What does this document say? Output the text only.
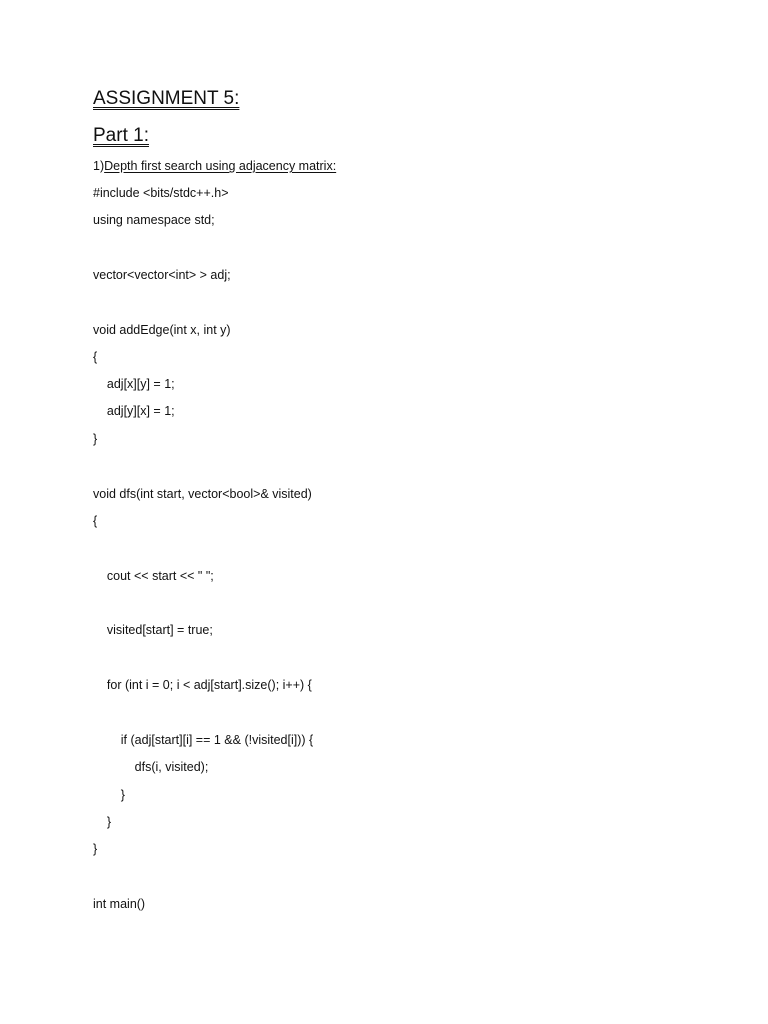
ASSIGNMENT 5:
Part 1:
1)Depth first search using adjacency matrix:
#include <bits/stdc++.h>
using namespace std;
vector<vector<int> > adj;
void addEdge(int x, int y)
{
adj[x][y] = 1;
adj[y][x] = 1;
}
void dfs(int start, vector<bool>& visited)
{
cout << start << " ";
visited[start] = true;
for (int i = 0; i < adj[start].size(); i++) {
if (adj[start][i] == 1 && (!visited[i])) {
dfs(i, visited);
}
}
}
int main()
